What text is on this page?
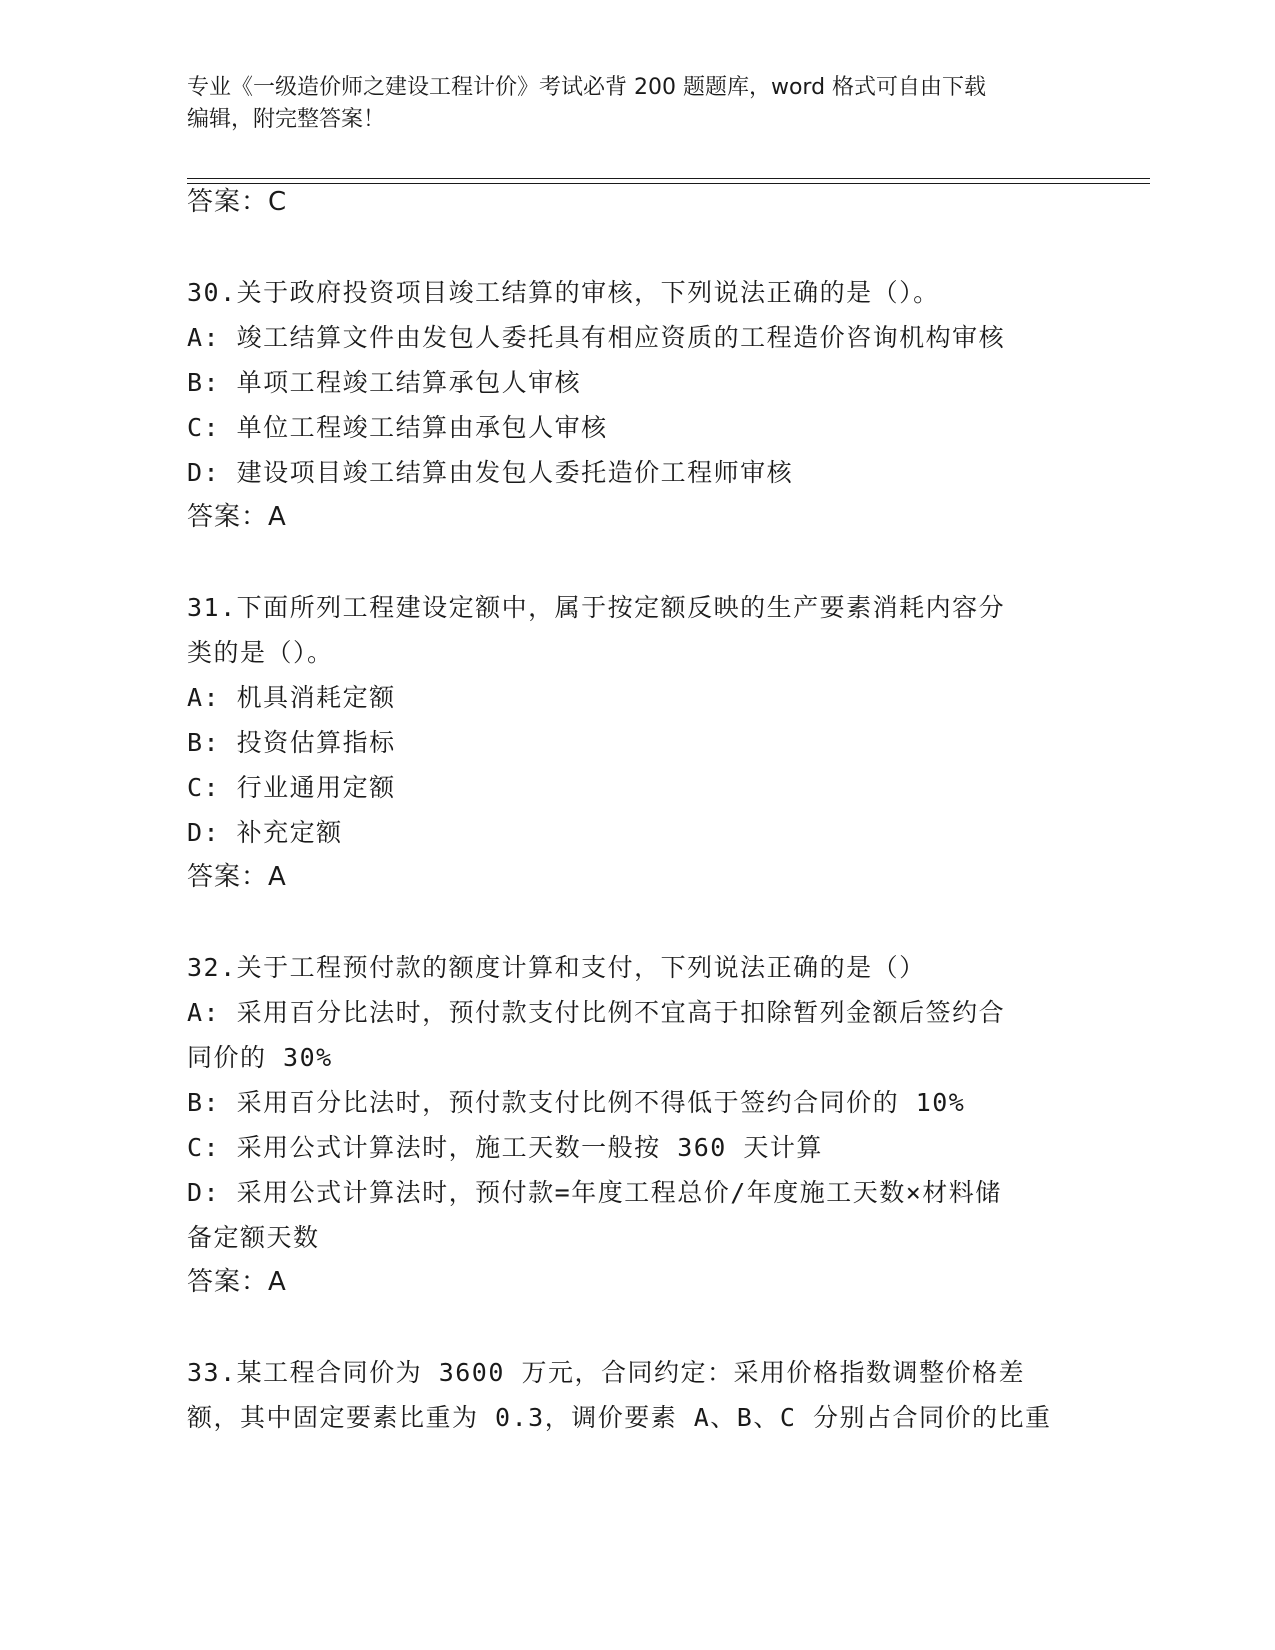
专业《一级造价师之建设工程计价》考试必背 200 题题库，word 格式可自由下载
编辑，附完整答案！
答案：C
30.关于政府投资项目竣工结算的审核，下列说法正确的是（）。
A: 竣工结算文件由发包人委托具有相应资质的工程造价咨询机构审核
B: 单项工程竣工结算承包人审核
C: 单位工程竣工结算由承包人审核
D: 建设项目竣工结算由发包人委托造价工程师审核
答案：A
31.下面所列工程建设定额中，属于按定额反映的生产要素消耗内容分
类的是（）。
A: 机具消耗定额
B: 投资估算指标
C: 行业通用定额
D: 补充定额
答案：A
32.关于工程预付款的额度计算和支付，下列说法正确的是（）
A: 采用百分比法时，预付款支付比例不宜高于扣除暂列金额后签约合
同价的 30%
B: 采用百分比法时，预付款支付比例不得低于签约合同价的 10%
C: 采用公式计算法时，施工天数一般按 360 天计算
D: 采用公式计算法时，预付款=年度工程总价/年度施工天数×材料储
备定额天数
答案：A
33.某工程合同价为 3600 万元，合同约定：采用价格指数调整价格差
额，其中固定要素比重为 0.3，调价要素 A、B、C 分别占合同价的比重
